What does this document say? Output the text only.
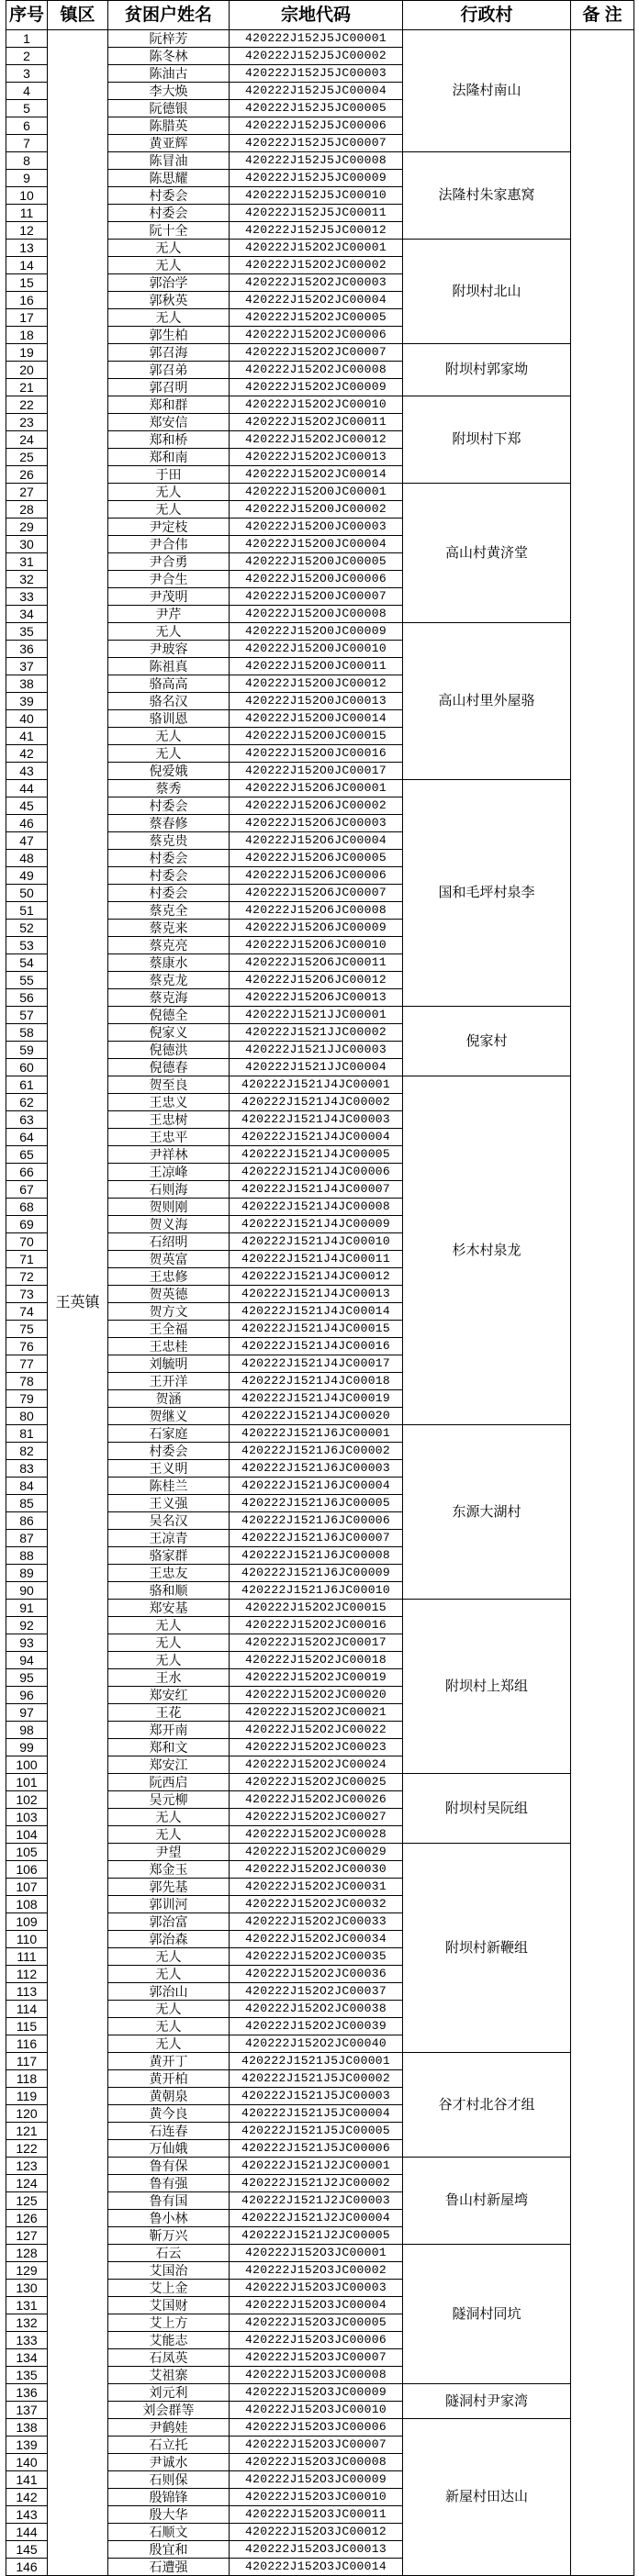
序号	镇区	贫困户姓名	宗地代码	行政村	备 注
1	王英镇	阮梓芳	420222J152J5JC00001	法隆村南山	
2		陈冬林	420222J152J5JC00002		
3		陈油古	420222J152J5JC00003		
4		李大焕	420222J152J5JC00004		
5		阮德银	420222J152J5JC00005		
6		陈腊英	420222J152J5JC00006		
7		黄亚辉	420222J152J5JC00007		
8		陈冒油	420222J152J5JC00008	法隆村朱家惠窝	
9		陈思耀	420222J152J5JC00009		
10		村委会	420222J152J5JC00010		
11		村委会	420222J152J5JC00011		
12		阮十全	420222J152J5JC00012		
13		无人	420222J152O2JC00001	附坝村北山	
14		无人	420222J152O2JC00002		
15		郭治学	420222J152O2JC00003		
16		郭秋英	420222J152O2JC00004		
17		无人	420222J152O2JC00005		
18		郭生柏	420222J152O2JC00006		
19		郭召海	420222J152O2JC00007	附坝村郭家坳	
20		郭召弟	420222J152O2JC00008		
21		郭召明	420222J152O2JC00009		
22		郑和群	420222J152O2JC00010	附坝村下郑	
23		郑安信	420222J152O2JC00011		
24		郑和桥	420222J152O2JC00012		
25		郑和南	420222J152O2JC00013		
26		于田	420222J152O2JC00014		
27		无人	420222J152O0JC00001	高山村黄济堂	
28		无人	420222J152O0JC00002		
29		尹定枝	420222J152O0JC00003		
30		尹合伟	420222J152O0JC00004		
31		尹合勇	420222J152O0JC00005		
32		尹合生	420222J152O0JC00006		
33		尹茂明	420222J152O0JC00007		
34		尹芹	420222J152O0JC00008		
35		无人	420222J152O0JC00009	高山村里外屋骆	
36		尹玻容	420222J152O0JC00010		
37		陈祖真	420222J152O0JC00011		
38		骆高高	420222J152O0JC00012		
39		骆名汉	420222J152O0JC00013		
40		骆训恩	420222J152O0JC00014		
41		无人	420222J152O0JC00015		
42		无人	420222J152O0JC00016		
43		倪爱娥	420222J152O0JC00017		
44		蔡秀	420222J152O6JC00001	国和毛坪村泉李	
45		村委会	420222J152O6JC00002		
46		蔡春修	420222J152O6JC00003		
47		蔡克贵	420222J152O6JC00004		
48		村委会	420222J152O6JC00005		
49		村委会	420222J152O6JC00006		
50		村委会	420222J152O6JC00007		
51		蔡克全	420222J152O6JC00008		
52		蔡克来	420222J152O6JC00009		
53		蔡克亮	420222J152O6JC00010		
54		蔡康水	420222J152O6JC00011		
55		蔡克龙	420222J152O6JC00012		
56		蔡克海	420222J152O6JC00013		
57		倪德全	420222J1521JJC00001	倪家村	
58		倪家义	420222J1521JJC00002		
59		倪德洪	420222J1521JJC00003		
60		倪德春	420222J1521JJC00004		
61		贺至良	420222J1521J4JC00001	杉木村泉龙	
62		王忠义	420222J1521J4JC00002		
63		王忠树	420222J1521J4JC00003		
64		王忠平	420222J1521J4JC00004		
65		尹祥林	420222J1521J4JC00005		
66		王凉峰	420222J1521J4JC00006		
67		石则海	420222J1521J4JC00007		
68		贺则刚	420222J1521J4JC00008		
69		贺义海	420222J1521J4JC00009		
70		石绍明	420222J1521J4JC00010		
71		贺英富	420222J1521J4JC00011		
72		王忠修	420222J1521J4JC00012		
73		贺英德	420222J1521J4JC00013		
74		贺方文	420222J1521J4JC00014		
75		王全福	420222J1521J4JC00015		
76		王忠桂	420222J1521J4JC00016		
77		刘毓明	420222J1521J4JC00017		
78		王开洋	420222J1521J4JC00018		
79		贺涵	420222J1521J4JC00019		
80		贺继义	420222J1521J4JC00020		
81		石家庭	420222J1521J6JC00001	东源大湖村	
82		村委会	420222J1521J6JC00002		
83		王义明	420222J1521J6JC00003		
84		陈桂兰	420222J1521J6JC00004		
85		王义强	420222J1521J6JC00005		
86		吴名汉	420222J1521J6JC00006		
87		王凉青	420222J1521J6JC00007		
88		骆家群	420222J1521J6JC00008		
89		王忠友	420222J1521J6JC00009		
90		骆和顺	420222J1521J6JC00010		
91		郑安基	420222J152O2JC00015	附坝村上郑组	
92		无人	420222J152O2JC00016		
93		无人	420222J152O2JC00017		
94		无人	420222J152O2JC00018		
95		王水	420222J152O2JC00019		
96		郑安红	420222J152O2JC00020		
97		王花	420222J152O2JC00021		
98		郑开南	420222J152O2JC00022		
99		郑和文	420222J152O2JC00023		
100		郑安江	420222J152O2JC00024		
101		阮西启	420222J152O2JC00025	附坝村吴阮组	
102		吴元柳	420222J152O2JC00026		
103		无人	420222J152O2JC00027		
104		无人	420222J152O2JC00028		
105		尹望	420222J152O2JC00029	附坝村新鞭组	
106		郑金玉	420222J152O2JC00030		
107		郭先基	420222J152O2JC00031		
108		郭训河	420222J152O2JC00032		
109		郭治富	420222J152O2JC00033		
110		郭治森	420222J152O2JC00034		
111		无人	420222J152O2JC00035		
112		无人	420222J152O2JC00036		
113		郭治山	420222J152O2JC00037		
114		无人	420222J152O2JC00038		
115		无人	420222J152O2JC00039		
116		无人	420222J152O2JC00040		
117		黄开丁	420222J1521J5JC00001	谷才村北谷才组	
118		黄开柏	420222J1521J5JC00002		
119		黄朝泉	420222J1521J5JC00003		
120		黄今良	420222J1521J5JC00004		
121		石连春	420222J1521J5JC00005		
122		万仙娥	420222J1521J5JC00006		
123		鲁有保	420222J1521J2JC00001	鲁山村新屋塆	
124		鲁有强	420222J1521J2JC00002		
125		鲁有国	420222J1521J2JC00003		
126		鲁小林	420222J1521J2JC00004		
127		靳万兴	420222J1521J2JC00005		
128		石云	420222J152O3JC00001	隧洞村同坑	
129		艾国治	420222J152O3JC00002		
130		艾上金	420222J152O3JC00003		
131		艾国财	420222J152O3JC00004		
132		艾上方	420222J152O3JC00005		
133		艾能志	420222J152O3JC00006		
134		石凤英	420222J152O3JC00007		
135		艾祖寨	420222J152O3JC00008		
136		刘元利	420222J152O3JC00009	隧洞村尹家湾	
137		刘会群等	420222J152O3JC00010		
138		尹鹤娃	420222J152O3JC00006	新屋村田达山	
139		石立托	420222J152O3JC00007		
140		尹诚水	420222J152O3JC00008		
141		石则保	420222J152O3JC00009		
142		殷锦锋	420222J152O3JC00010		
143		殷大华	420222J152O3JC00011		
144		石顺文	420222J152O3JC00012		
145		殷宜和	420222J152O3JC00013		
146		石遭强	420222J152O3JC00014		
